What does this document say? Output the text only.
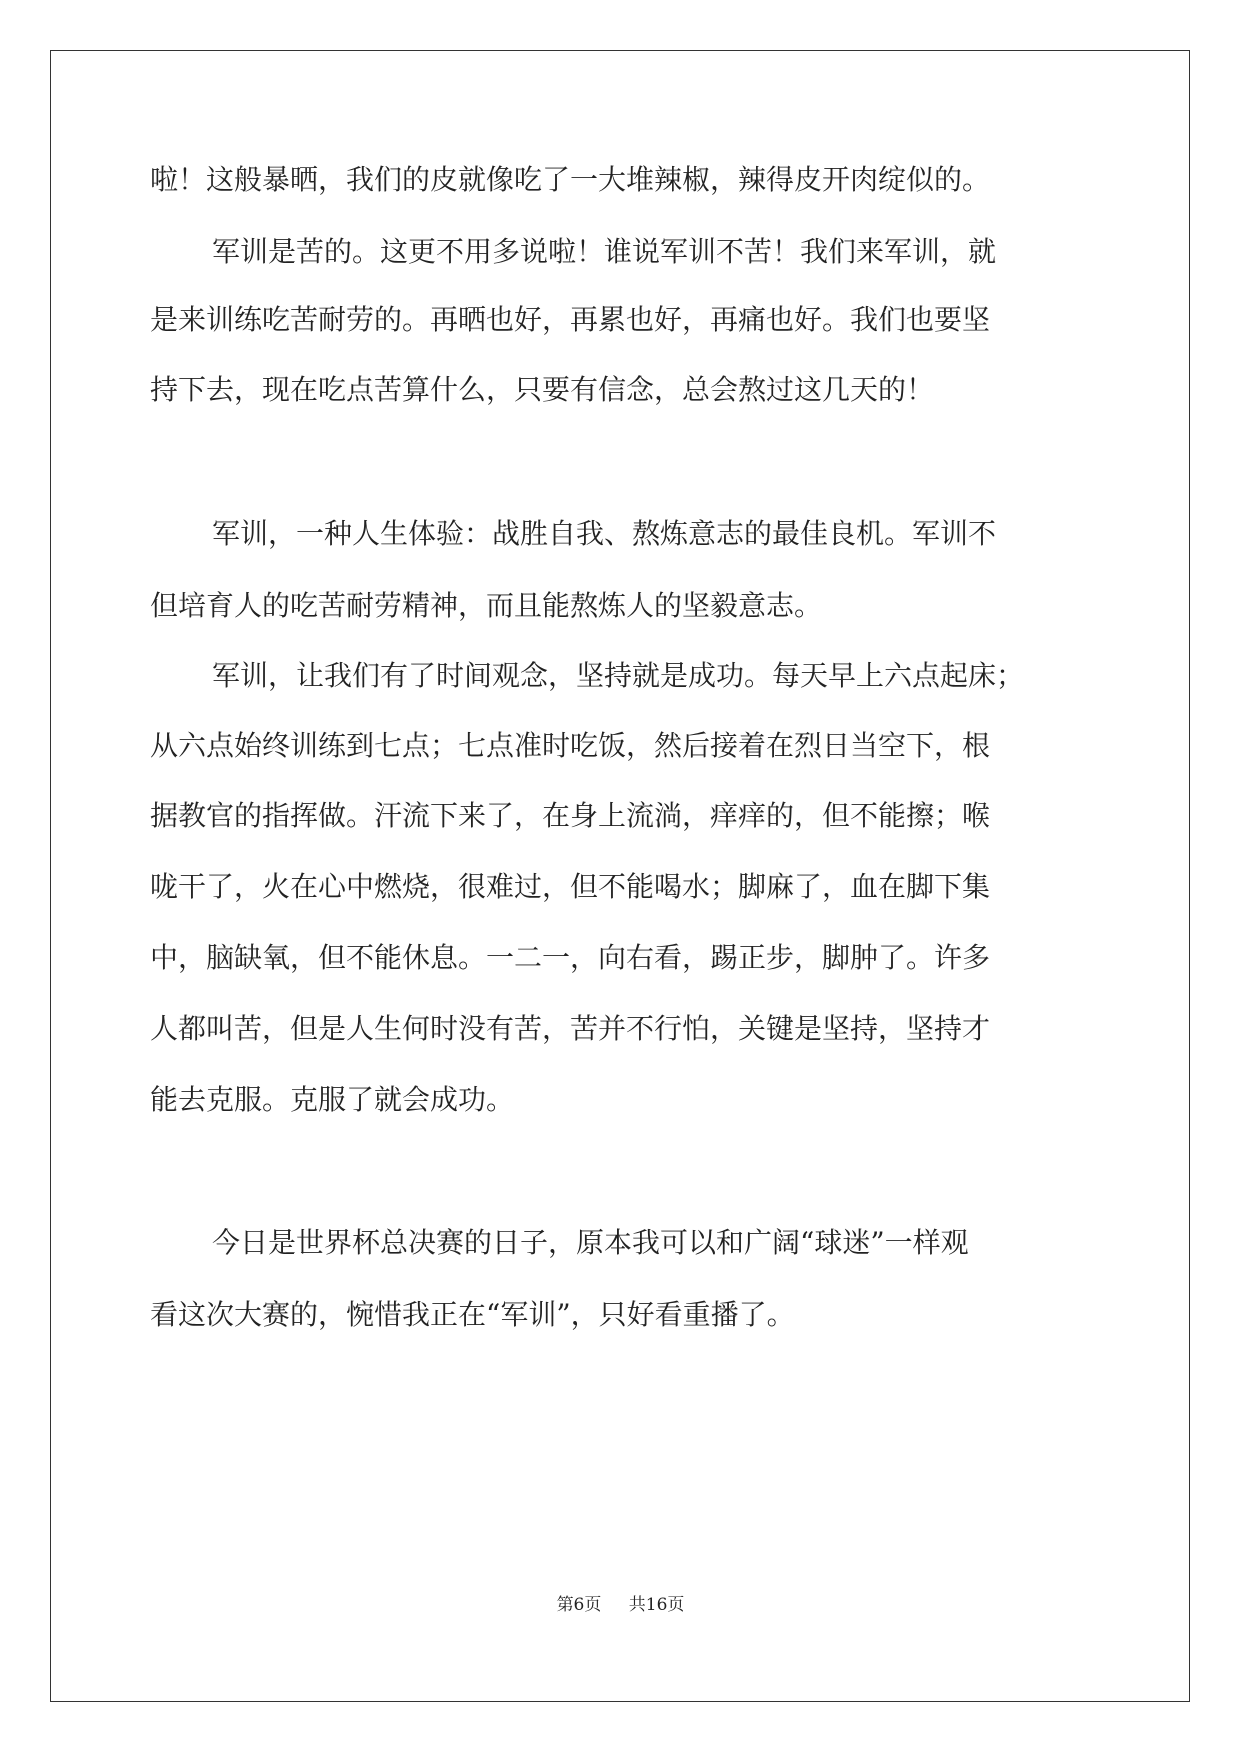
啦！这般暴晒，我们的皮就像吃了一大堆辣椒，辣得皮开肉绽似的。
军训是苦的。这更不用多说啦！谁说军训不苦！我们来军训，就
是来训练吃苦耐劳的。再晒也好，再累也好，再痛也好。我们也要坚
持下去，现在吃点苦算什么，只要有信念，总会熬过这几天的！
军训，一种人生体验：战胜自我、熬炼意志的最佳良机。军训不
但培育人的吃苦耐劳精神，而且能熬炼人的坚毅意志。
军训，让我们有了时间观念，坚持就是成功。每天早上六点起床；
从六点始终训练到七点；七点准时吃饭，然后接着在烈日当空下，根
据教官的指挥做。汗流下来了，在身上流淌，痒痒的，但不能擦；喉
咙干了，火在心中燃烧，很难过，但不能喝水；脚麻了，血在脚下集
中，脑缺氧，但不能休息。一二一，向右看，踢正步，脚肿了。许多
人都叫苦，但是人生何时没有苦，苦并不行怕，关键是坚持，坚持才
能去克服。克服了就会成功。
今日是世界杯总决赛的日子，原本我可以和广阔“球迷”一样观
看这次大赛的，惋惜我正在“军训”，只好看重播了。
第6页 共16页
